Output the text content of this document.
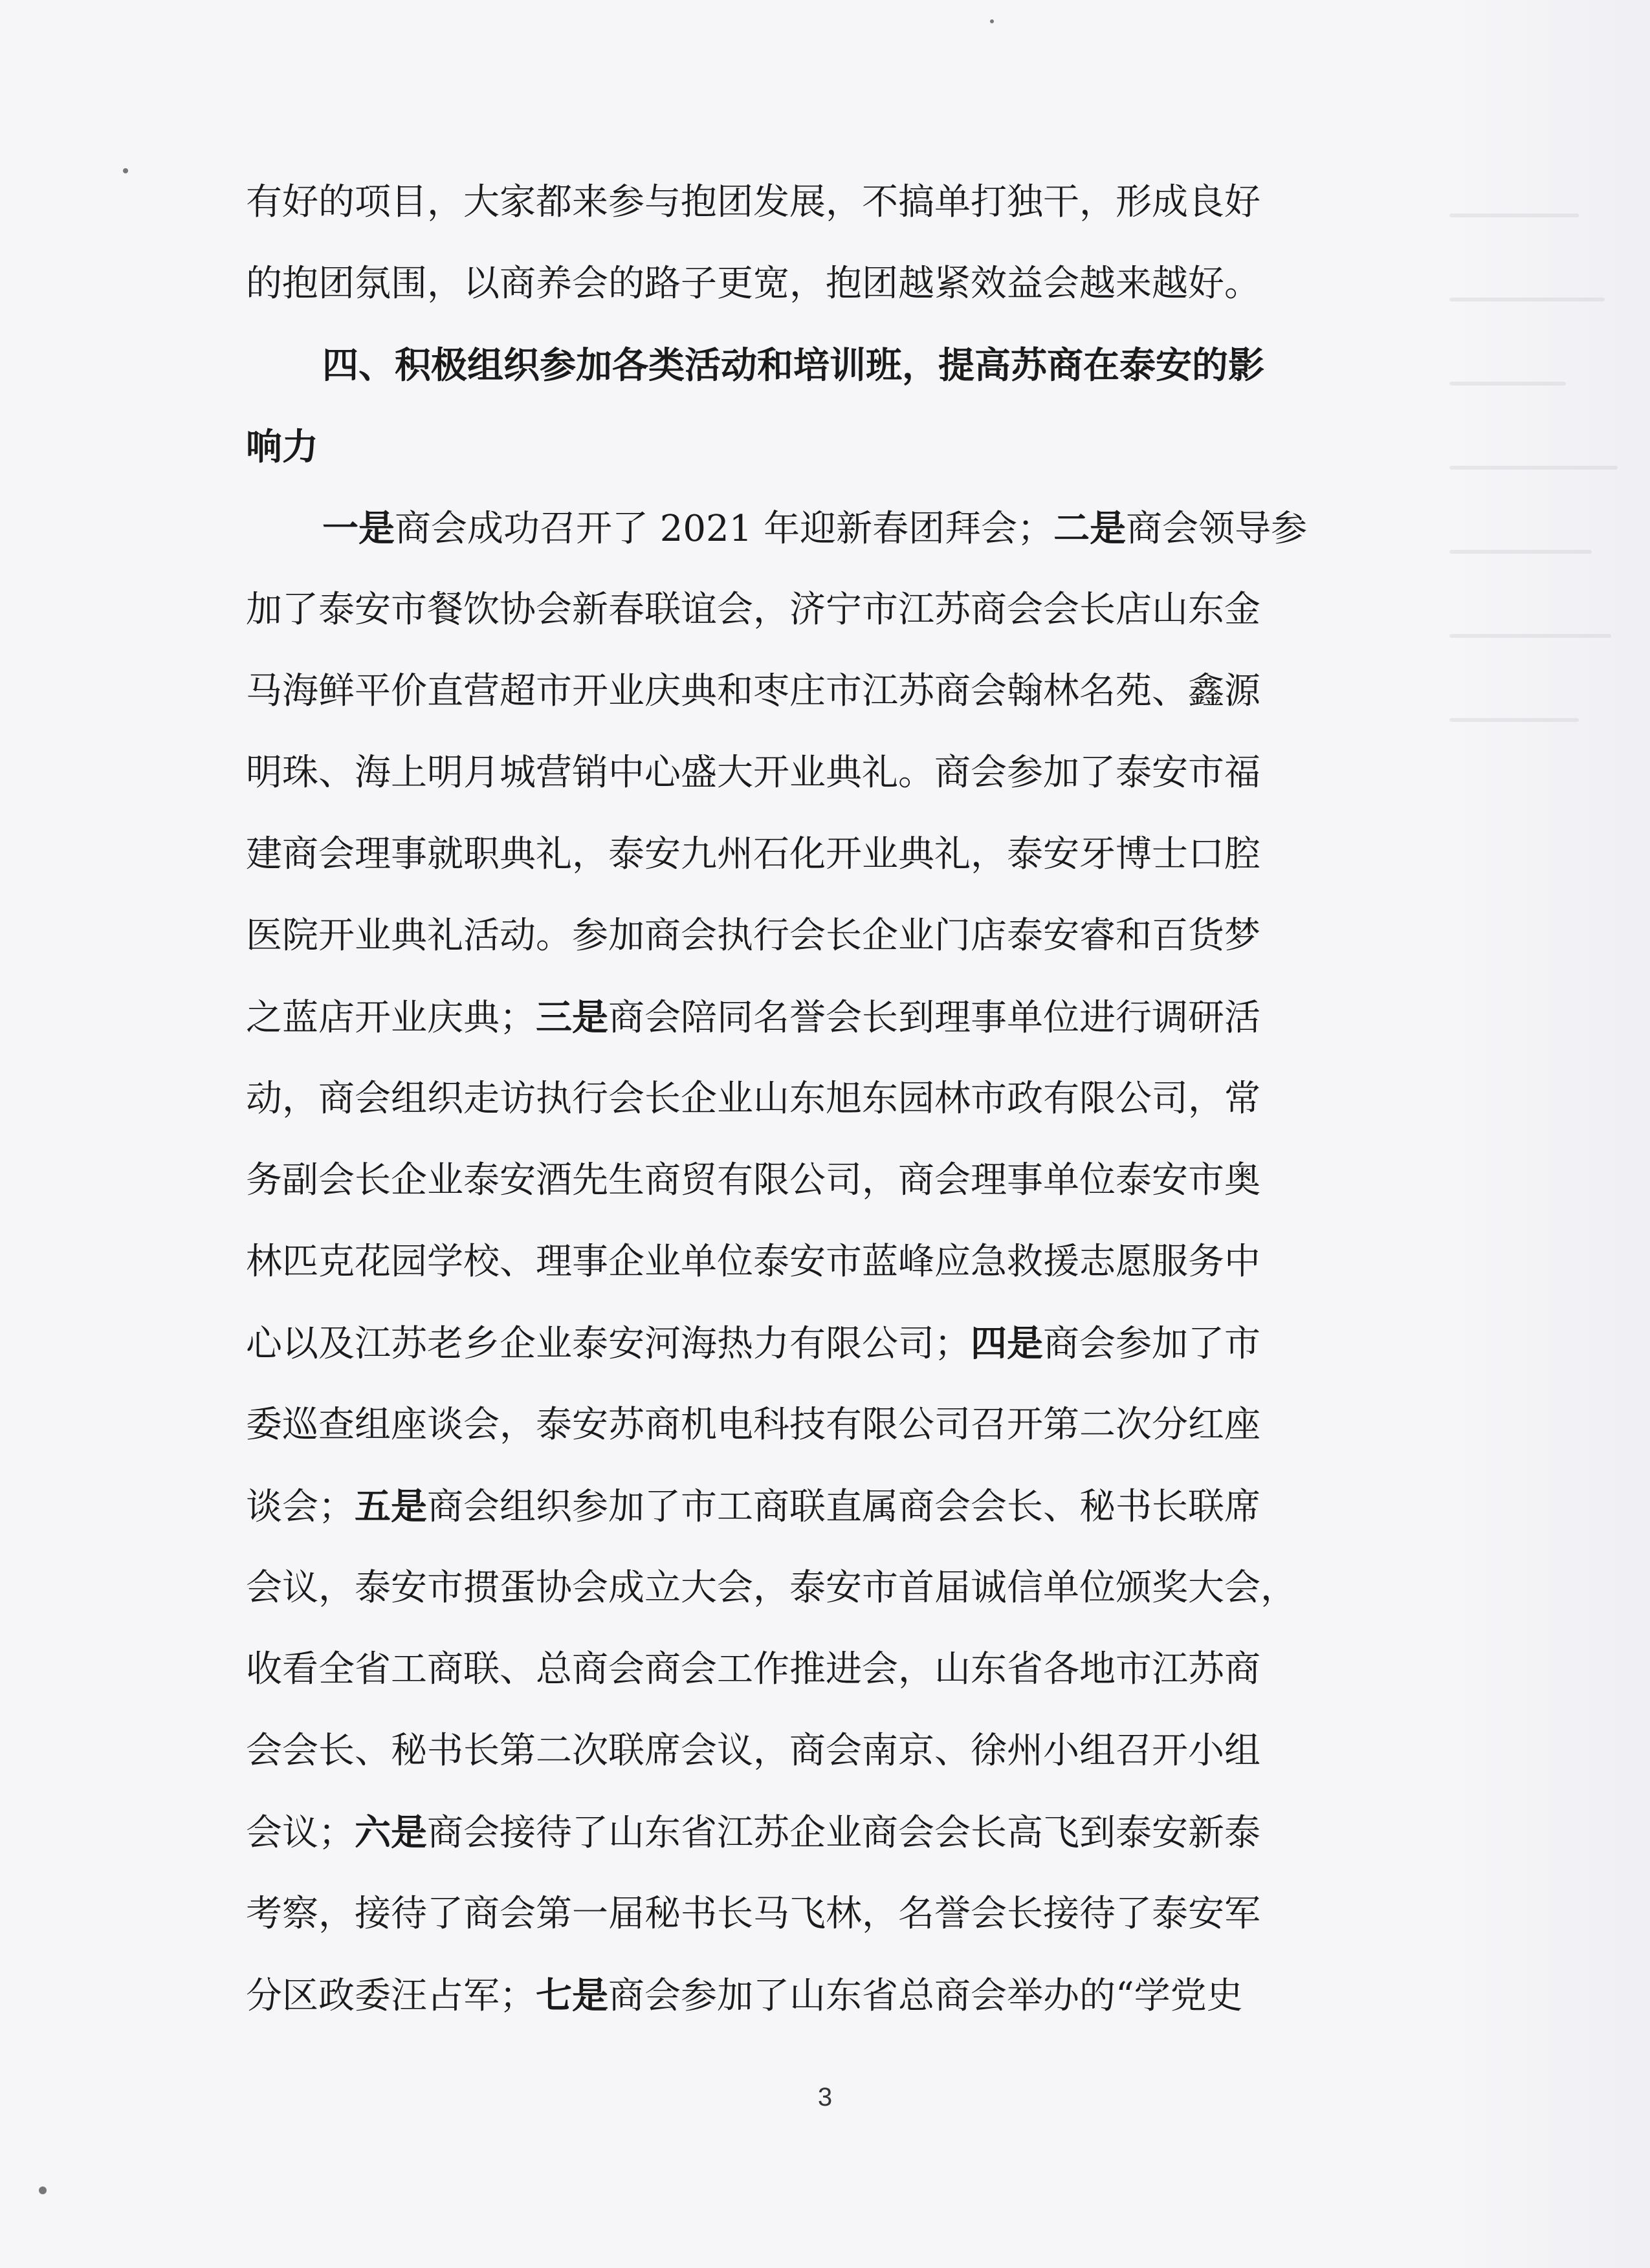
有好的项目，大家都来参与抱团发展，不搞单打独干，形成良好
的抱团氛围，以商养会的路子更宽，抱团越紧效益会越来越好。
四、积极组织参加各类活动和培训班，提高苏商在泰安的影
响力
一是商会成功召开了 2021 年迎新春团拜会；二是商会领导参
加了泰安市餐饮协会新春联谊会，济宁市江苏商会会长店山东金
马海鲜平价直营超市开业庆典和枣庄市江苏商会翰林名苑、鑫源
明珠、海上明月城营销中心盛大开业典礼。商会参加了泰安市福
建商会理事就职典礼，泰安九州石化开业典礼，泰安牙博士口腔
医院开业典礼活动。参加商会执行会长企业门店泰安睿和百货梦
之蓝店开业庆典；三是商会陪同名誉会长到理事单位进行调研活
动，商会组织走访执行会长企业山东旭东园林市政有限公司，常
务副会长企业泰安酒先生商贸有限公司，商会理事单位泰安市奥
林匹克花园学校、理事企业单位泰安市蓝峰应急救援志愿服务中
心以及江苏老乡企业泰安河海热力有限公司；四是商会参加了市
委巡查组座谈会，泰安苏商机电科技有限公司召开第二次分红座
谈会；五是商会组织参加了市工商联直属商会会长、秘书长联席
会议，泰安市掼蛋协会成立大会，泰安市首届诚信单位颁奖大会，
收看全省工商联、总商会商会工作推进会，山东省各地市江苏商
会会长、秘书长第二次联席会议，商会南京、徐州小组召开小组
会议；六是商会接待了山东省江苏企业商会会长高飞到泰安新泰
考察，接待了商会第一届秘书长马飞林，名誉会长接待了泰安军
分区政委汪占军；七是商会参加了山东省总商会举办的“学党史
3
